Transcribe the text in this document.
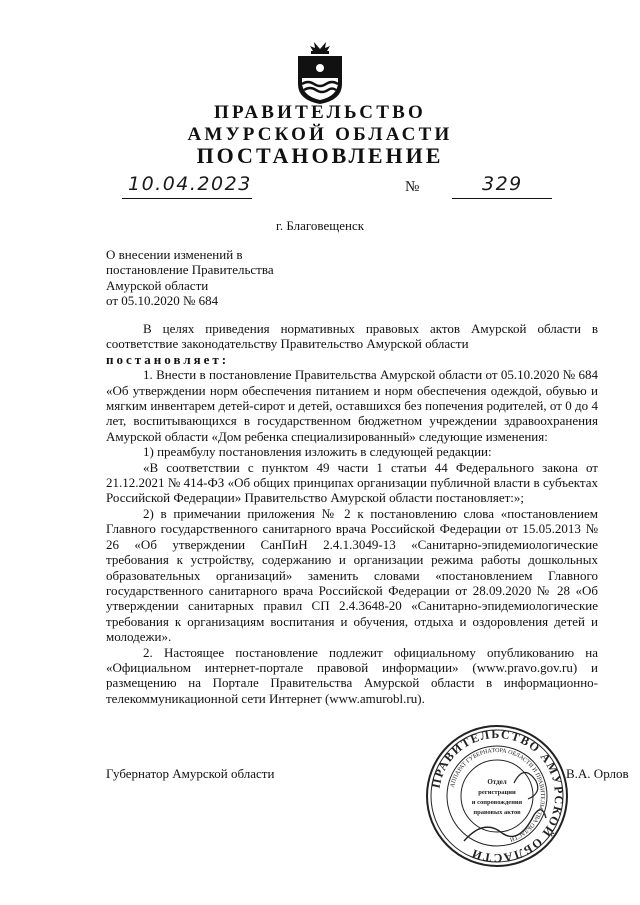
ПРАВИТЕЛЬСТВО
АМУРСКОЙ ОБЛАСТИ
ПОСТАНОВЛЕНИЕ
10.04.2023	№	329
г. Благовещенск
О внесении изменений в
постановление Правительства
Амурской области
от 05.10.2020 № 684

В целях приведения нормативных правовых актов Амурской области в соответствие законодательству Правительство Амурской области

постановляет:

1. Внести в постановление Правительства Амурской области от 05.10.2020 № 684 «Об утверждении норм обеспечения питанием и норм обеспечения одеждой, обувью и мягким инвентарем детей-сирот и детей, оставшихся без попечения родителей, от 0 до 4 лет, воспитывающихся в государственном бюджетном учреждении здравоохранения Амурской области «Дом ребенка специализированный» следующие изменения:

1) преамбулу постановления изложить в следующей редакции:

«В соответствии с пунктом 49 части 1 статьи 44 Федерального закона от 21.12.2021 № 414-ФЗ «Об общих принципах организации публичной власти в субъектах Российской Федерации» Правительство Амурской области постановляет:»;

2) в примечании приложения № 2 к постановлению слова «постановлением Главного государственного санитарного врача Российской Федерации от 15.05.2013 № 26 «Об утверждении СанПиН 2.4.1.3049-13 «Санитарно-эпидемиологические требования к устройству, содержанию и организации режима работы дошкольных образовательных организаций» заменить словами «постановлением Главного государственного санитарного врача Российской Федерации от 28.09.2020 № 28 «Об утверждении санитарных правил СП 2.4.3648-20 «Санитарно-эпидемиологические требования к организациям воспитания и обучения, отдыха и оздоровления детей и молодежи».

2. Настоящее постановление подлежит официальному опубликованию на «Официальном интернет-портале правовой информации» (www.pravo.gov.ru) и размещению на Портале Правительства Амурской области в информационно-телекоммуникационной сети Интернет (www.amurobl.ru).

Губернатор Амурской области	В.А. Орлов
ПРАВИТЕЛЬСТВО АМУРСКОЙ ОБЛАСТИ
АППАРАТ ГУБЕРНАТОРА ОБЛАСТИ И ПРАВИТЕЛЬСТВА ОБЛАСТИ
Отдел
регистрации
и сопровождения
правовых актов
